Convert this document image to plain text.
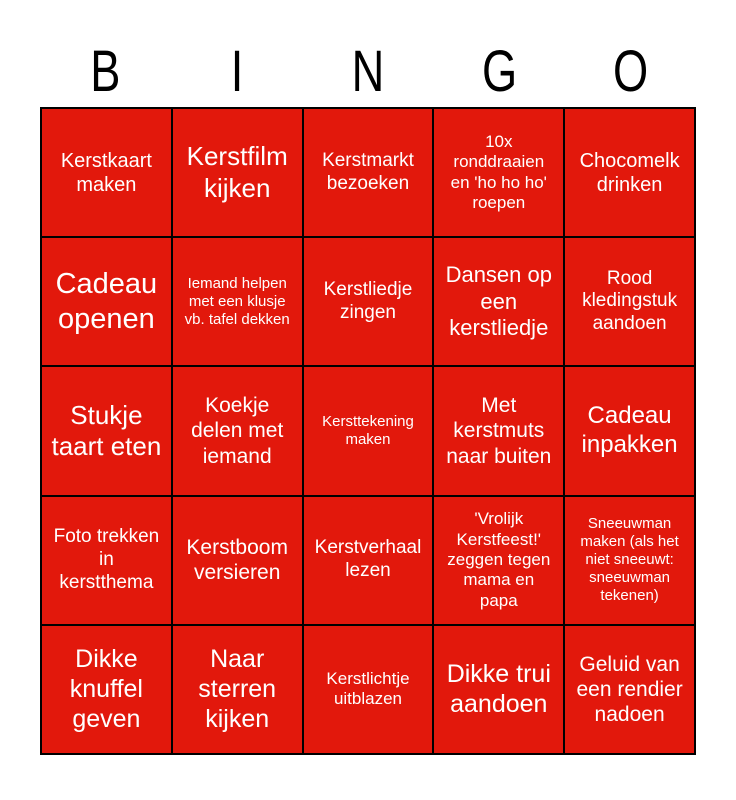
B I N G O
Kerstkaart maken
Kerstfilm kijken
Kerstmarkt bezoeken
10x ronddraaien en 'ho ho ho' roepen
Chocomelk drinken
Cadeau openen
Iemand helpen met een klusje vb. tafel dekken
Kerstliedje zingen
Dansen op een kerstliedje
Rood kledingstuk aandoen
Stukje taart eten
Koekje delen met iemand
Kersttekening maken
Met kerstmuts naar buiten
Cadeau inpakken
Foto trekken in kerstthema
Kerstboom versieren
Kerstverhaal lezen
'Vrolijk Kerstfeest!' zeggen tegen mama en papa
Sneeuwman maken (als het niet sneeuwt: sneeuwman tekenen)
Dikke knuffel geven
Naar sterren kijken
Kerstlichtje uitblazen
Dikke trui aandoen
Geluid van een rendier nadoen
